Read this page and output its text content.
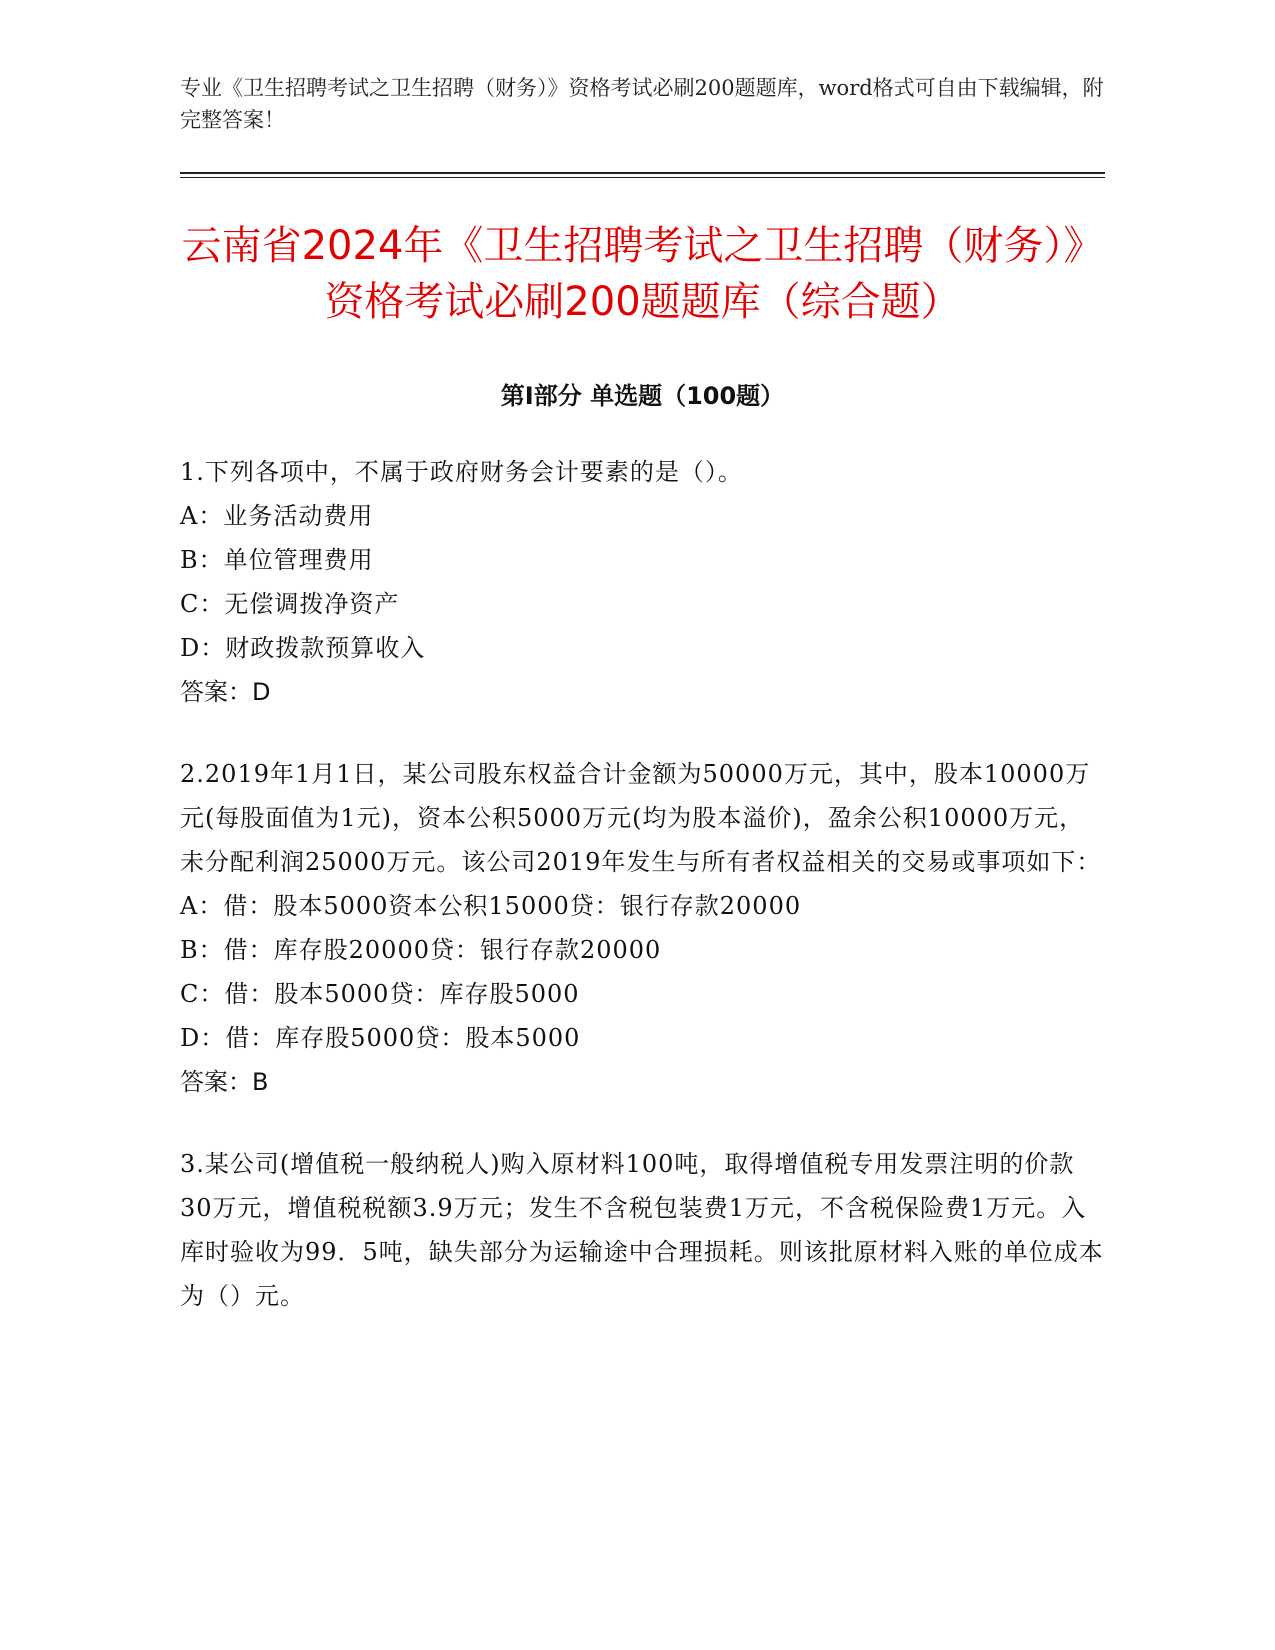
专业《卫生招聘考试之卫生招聘（财务）》资格考试必刷200题题库，word格式可自由下载编辑，附完整答案！

云南省2024年《卫生招聘考试之卫生招聘（财务）》资格考试必刷200题题库（综合题）
第I部分 单选题（100题）

1.下列各项中，不属于政府财务会计要素的是（）。

A：业务活动费用

B：单位管理费用

C：无偿调拨净资产

D：财政拨款预算收入

答案：D

2.2019年1月1日，某公司股东权益合计金额为50000万元，其中，股本10000万元(每股面值为1元)，资本公积5000万元(均为股本溢价)，盈余公积10000万元，未分配利润25000万元。该公司2019年发生与所有者权益相关的交易或事项如下：

A：借：股本5000资本公积15000贷：银行存款20000

B：借：库存股20000贷：银行存款20000

C：借：股本5000贷：库存股5000

D：借：库存股5000贷：股本5000

答案：B

3.某公司(增值税一般纳税人)购入原材料100吨，取得增值税专用发票注明的价款30万元，增值税税额3.9万元；发生不含税包装费1万元，不含税保险费1万元。入库时验收为99．5吨，缺失部分为运输途中合理损耗。则该批原材料入账的单位成本为（）元。
